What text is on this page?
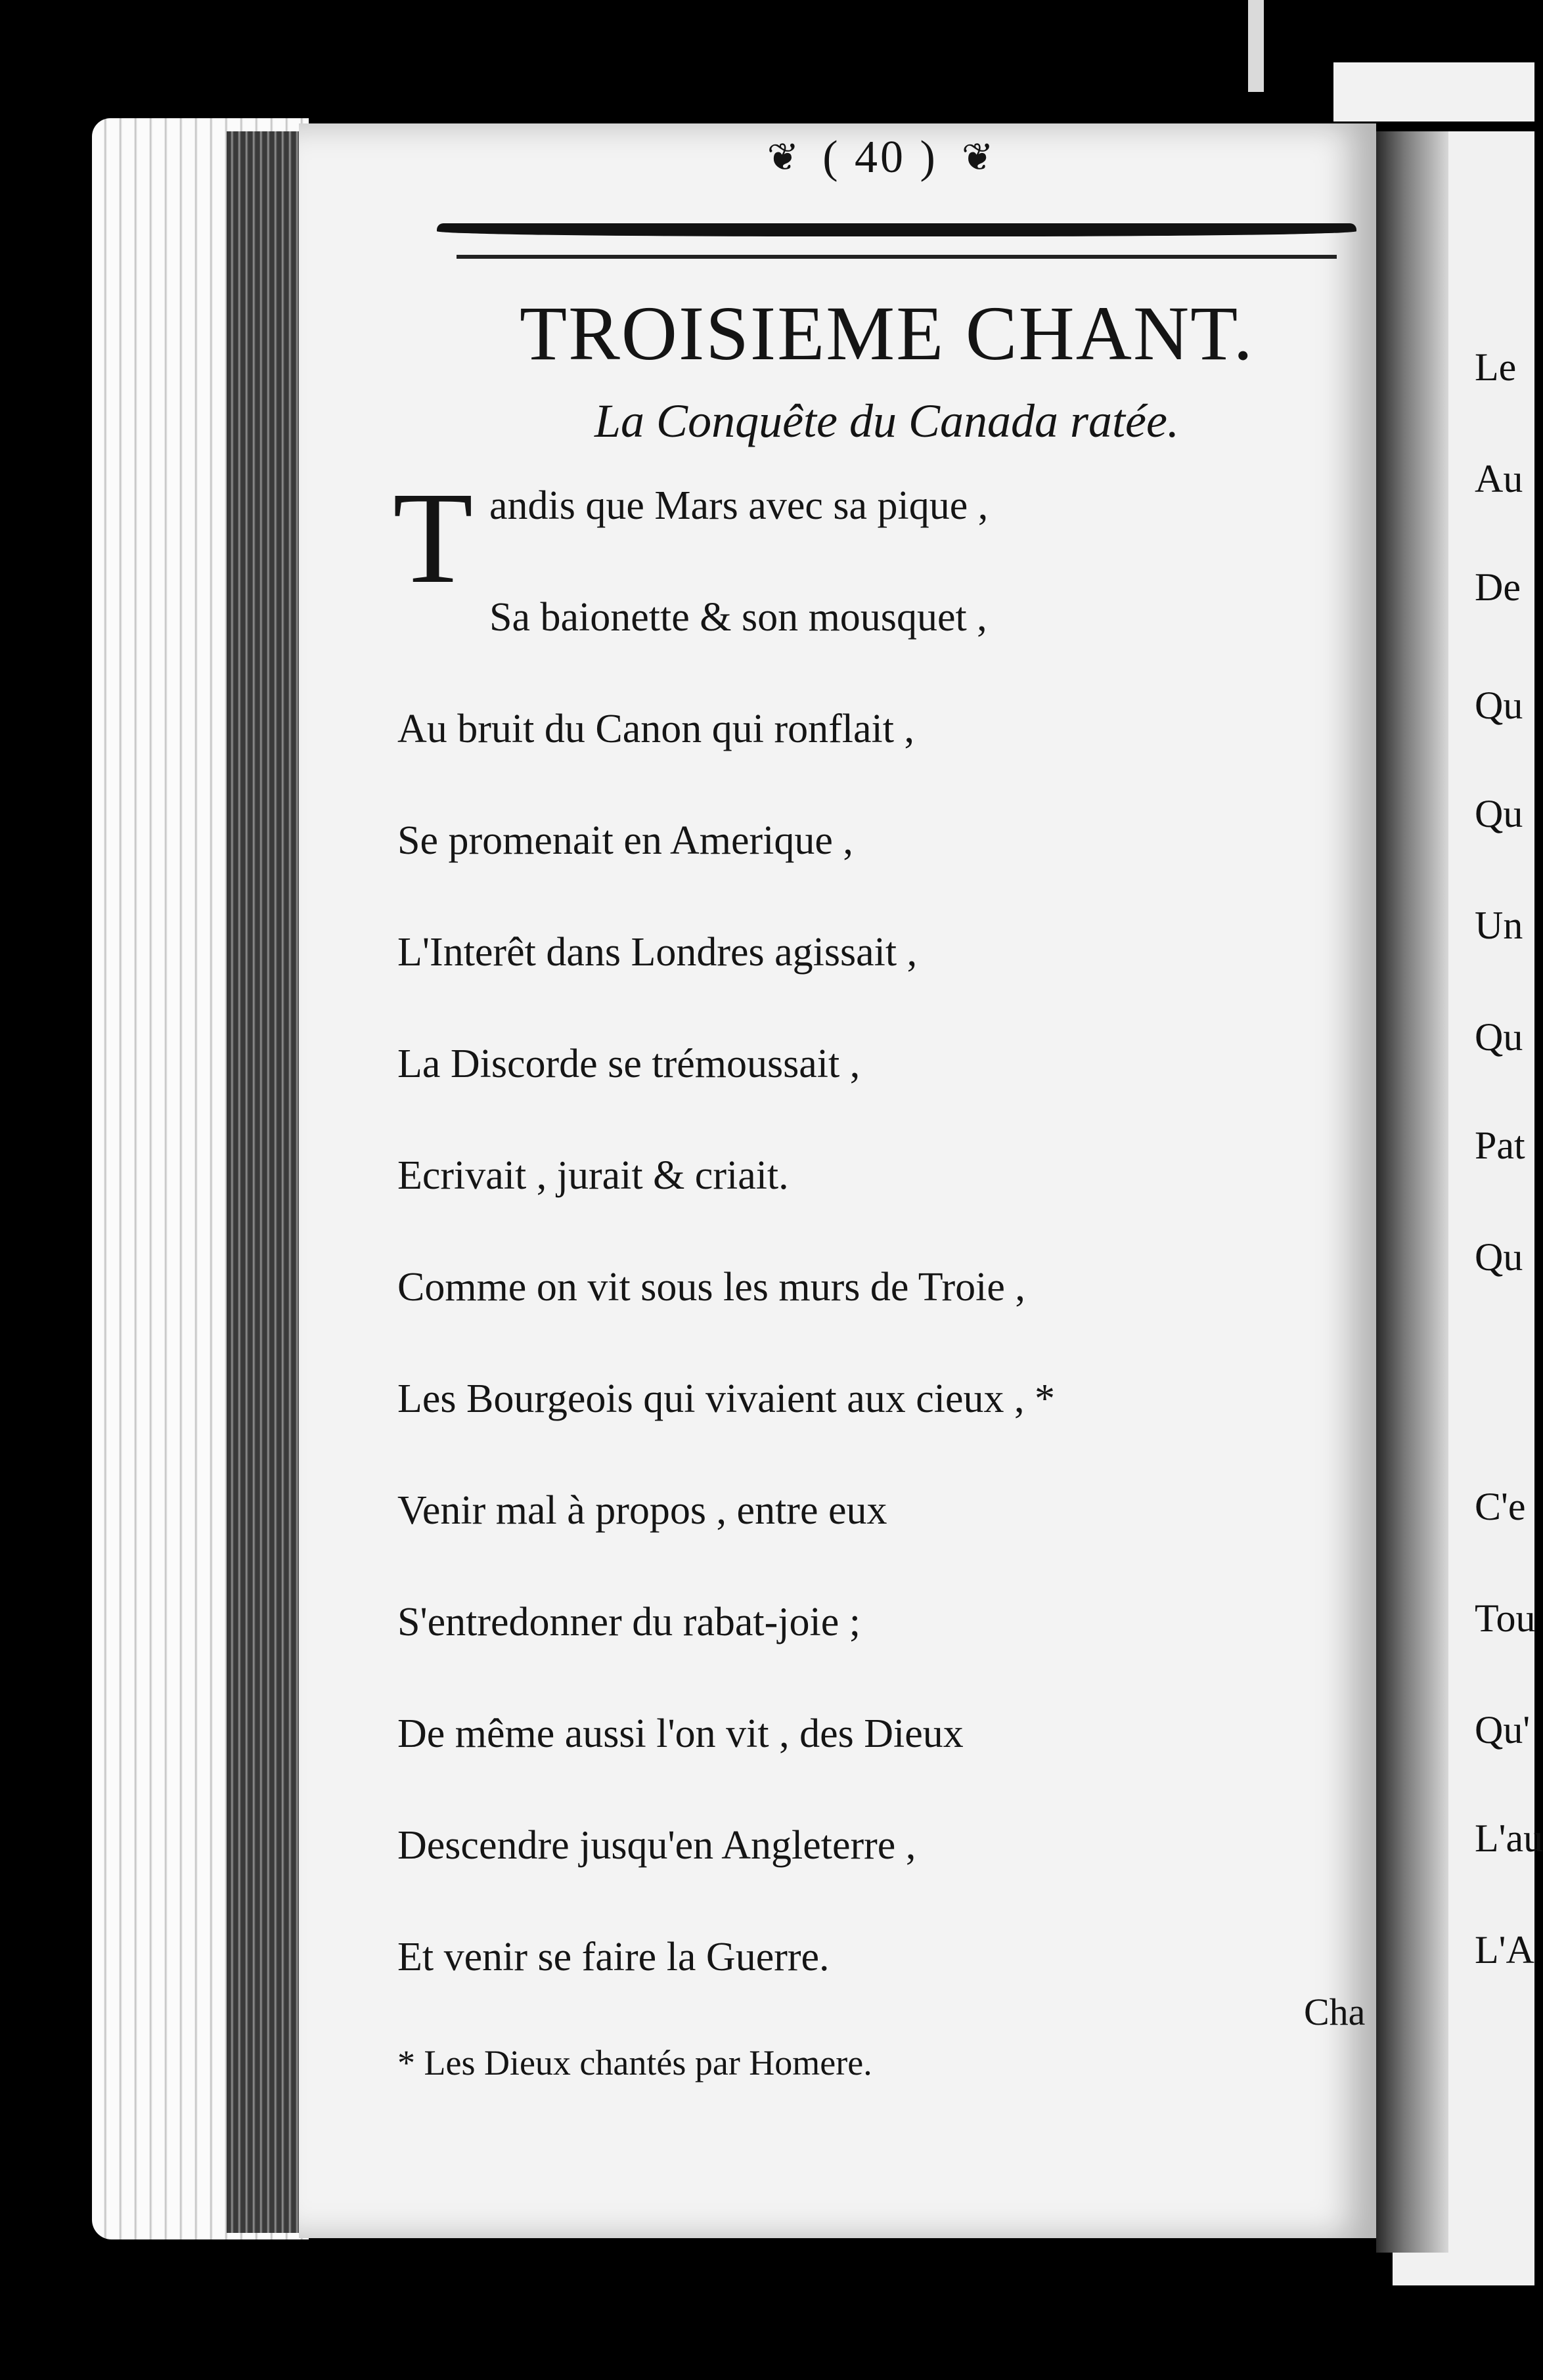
Le
Au
De
Qu
Qu
Un
Qu
Pat
Qu
C'e
Tou
Qu'
L'au
L'A
❦ ( 40 ) ❦
TROISIEME CHANT.
La Conquête du Canada ratée.
T andis que Mars avec sa pique ,
Sa baionette & son mousquet ,
Au bruit du Canon qui ronflait ,
Se promenait en Amerique ,
L'Interêt dans Londres agissait ,
La Discorde se trémoussait ,
Ecrivait , jurait & criait.
Comme on vit sous les murs de Troie ,
Les Bourgeois qui vivaient aux cieux , *
Venir mal à propos , entre eux
S'entredonner du rabat-joie ;
De même aussi l'on vit , des Dieux
Descendre jusqu'en Angleterre ,
Et venir se faire la Guerre.
Cha
* Les Dieux chantés par Homere.
